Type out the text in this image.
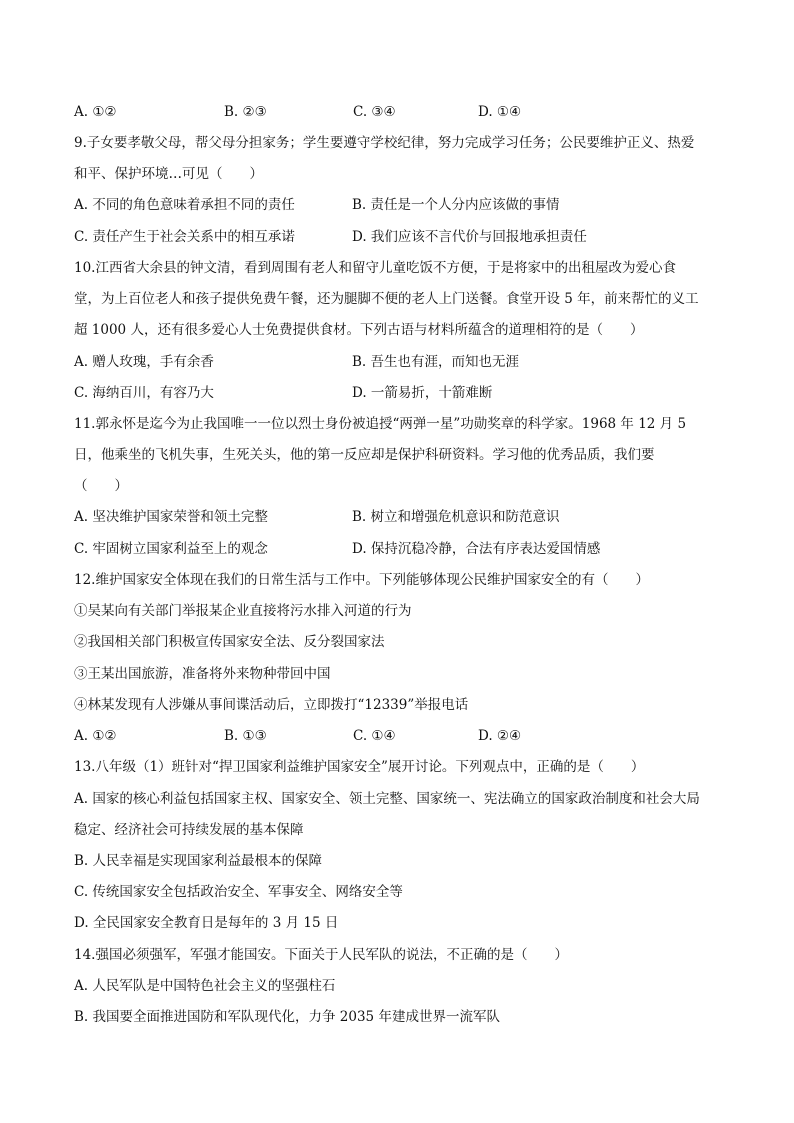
A. ①②	B. ②③	C. ③④	D. ①④
9.子女要孝敬父母，帮父母分担家务；学生要遵守学校纪律，努力完成学习任务；公民要维护正义、热爱
和平、保护环境…可见（　　）
A. 不同的角色意味着承担不同的责任	B. 责任是一个人分内应该做的事情
C. 责任产生于社会关系中的相互承诺	D. 我们应该不言代价与回报地承担责任
10.江西省大余县的钟文清，看到周围有老人和留守儿童吃饭不方便，于是将家中的出租屋改为爱心食
堂，为上百位老人和孩子提供免费午餐，还为腿脚不便的老人上门送餐。食堂开设 5 年，前来帮忙的义工
超 1000 人，还有很多爱心人士免费提供食材。下列古语与材料所蕴含的道理相符的是（　　）
A. 赠人玫瑰，手有余香	B. 吾生也有涯，而知也无涯
C. 海纳百川，有容乃大	D. 一箭易折，十箭难断
11.郭永怀是迄今为止我国唯一一位以烈士身份被追授“两弹一星”功勋奖章的科学家。1968 年 12 月 5
日，他乘坐的飞机失事，生死关头，他的第一反应却是保护科研资料。学习他的优秀品质，我们要
（　　）
A. 坚决维护国家荣誉和领土完整	B. 树立和增强危机意识和防范意识
C. 牢固树立国家利益至上的观念	D. 保持沉稳冷静，合法有序表达爱国情感
12.维护国家安全体现在我们的日常生活与工作中。下列能够体现公民维护国家安全的有（　　）
①吴某向有关部门举报某企业直接将污水排入河道的行为
②我国相关部门积极宣传国家安全法、反分裂国家法
③王某出国旅游，准备将外来物种带回中国
④林某发现有人涉嫌从事间谍活动后，立即拨打“12339”举报电话
A. ①②	B. ①③	C. ①④	D. ②④
13.八年级（1）班针对“捍卫国家利益维护国家安全”展开讨论。下列观点中，正确的是（　　）
A. 国家的核心利益包括国家主权、国家安全、领土完整、国家统一、宪法确立的国家政治制度和社会大局
稳定、经济社会可持续发展的基本保障
B. 人民幸福是实现国家利益最根本的保障
C. 传统国家安全包括政治安全、军事安全、网络安全等
D. 全民国家安全教育日是每年的 3 月 15 日
14.强国必须强军，军强才能国安。下面关于人民军队的说法，不正确的是（　　）
A. 人民军队是中国特色社会主义的坚强柱石
B. 我国要全面推进国防和军队现代化，力争 2035 年建成世界一流军队
